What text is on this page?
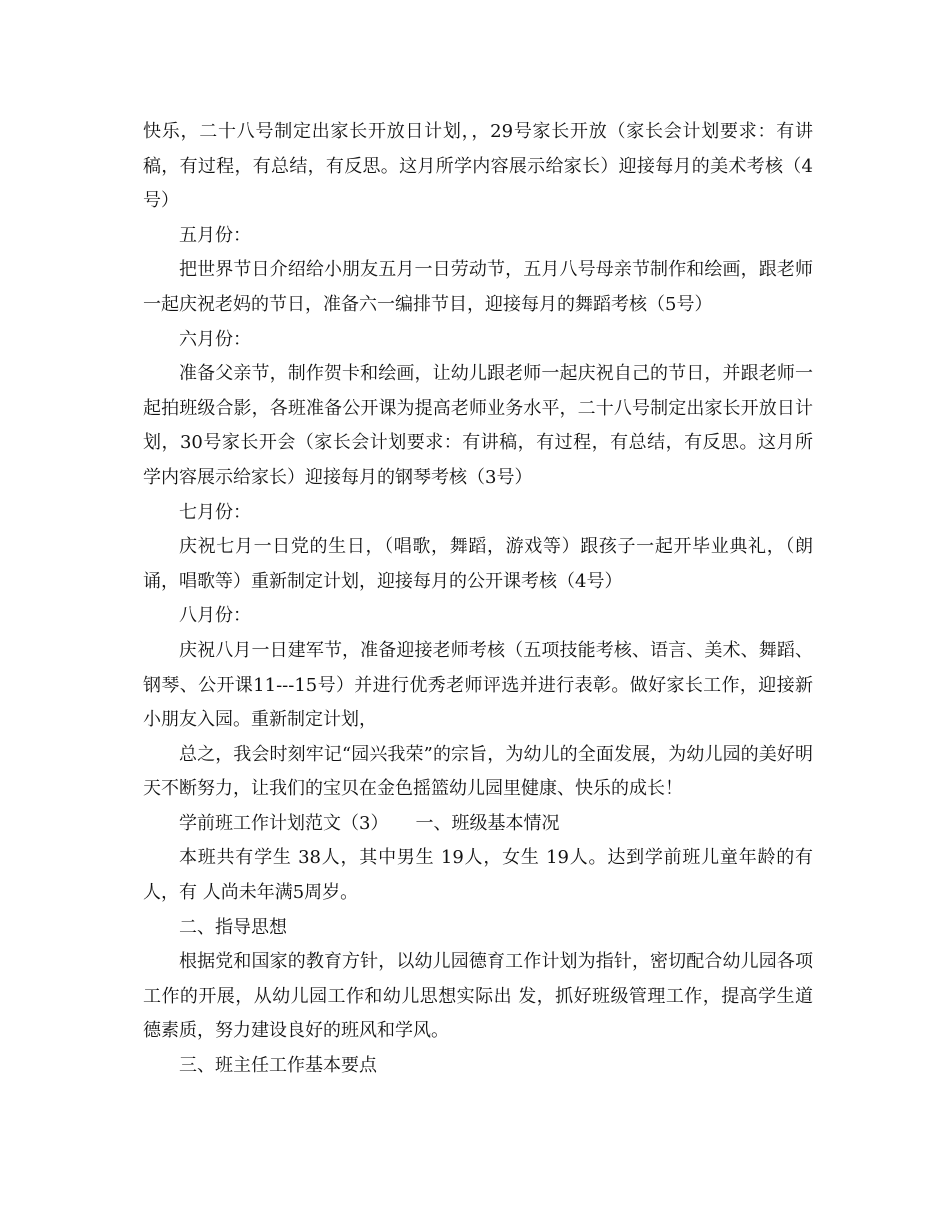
快乐，二十八号制定出家长开放日计划，，29号家长开放（家长会计划要求：有讲稿，有过程，有总结，有反思。这月所学内容展示给家长）迎接每月的美术考核（4号）

五月份：

把世界节日介绍给小朋友五月一日劳动节，五月八号母亲节制作和绘画，跟老师一起庆祝老妈的节日，准备六一编排节目，迎接每月的舞蹈考核（5号）

六月份：

准备父亲节，制作贺卡和绘画，让幼儿跟老师一起庆祝自己的节日，并跟老师一起拍班级合影，各班准备公开课为提高老师业务水平，二十八号制定出家长开放日计划，30号家长开会（家长会计划要求：有讲稿，有过程，有总结，有反思。这月所学内容展示给家长）迎接每月的钢琴考核（3号）

七月份：

庆祝七月一日党的生日，（唱歌，舞蹈，游戏等）跟孩子一起开毕业典礼，（朗诵，唱歌等）重新制定计划，迎接每月的公开课考核（4号）

八月份：

庆祝八月一日建军节，准备迎接老师考核（五项技能考核、语言、美术、舞蹈、钢琴、公开课11---15号）并进行优秀老师评选并进行表彰。做好家长工作，迎接新小朋友入园。重新制定计划，

总之，我会时刻牢记“园兴我荣”的宗旨，为幼儿的全面发展，为幼儿园的美好明天不断努力，让我们的宝贝在金色摇篮幼儿园里健康、快乐的成长！

学前班工作计划范文（3）　　一、班级基本情况

本班共有学生 38人，其中男生 19人，女生 19人。达到学前班儿童年龄的有 人，有 人尚未年满5周岁。

二、指导思想

根据党和国家的教育方针，以幼儿园德育工作计划为指针，密切配合幼儿园各项工作的开展，从幼儿园工作和幼儿思想实际出 发，抓好班级管理工作，提高学生道德素质，努力建设良好的班风和学风。

三、班主任工作基本要点
